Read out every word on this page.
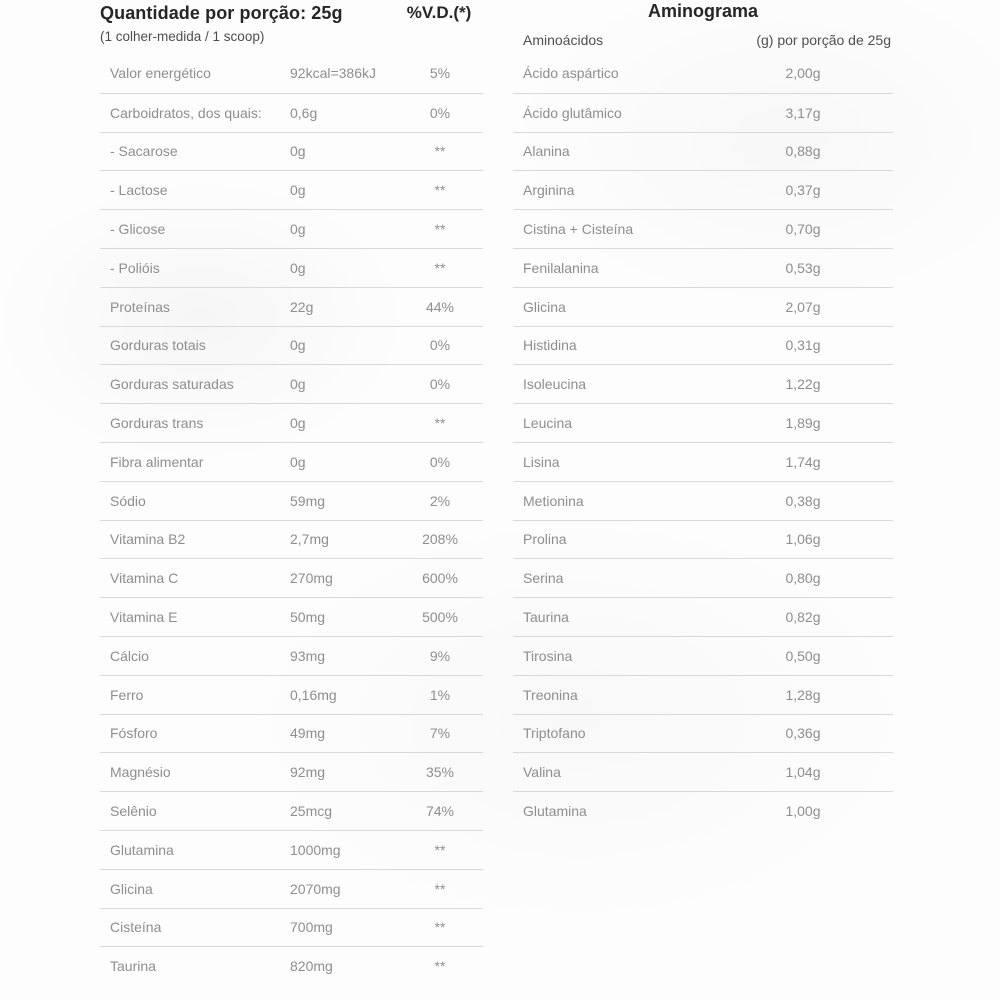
Quantidade por porção: 25g	%V.D.(*)
(1 colher-medida / 1 scoop)
Valor energético	92kcal=386kJ	5%
Carboidratos, dos quais:	0,6g	0%
- Sacarose	0g	**
- Lactose	0g	**
- Glicose	0g	**
- Polióis	0g	**
Proteínas	22g	44%
Gorduras totais	0g	0%
Gorduras saturadas	0g	0%
Gorduras trans	0g	**
Fibra alimentar	0g	0%
Sódio	59mg	2%
Vitamina B2	2,7mg	208%
Vitamina C	270mg	600%
Vitamina E	50mg	500%
Cálcio	93mg	9%
Ferro	0,16mg	1%
Fósforo	49mg	7%
Magnésio	92mg	35%
Selênio	25mcg	74%
Glutamina	1000mg	**
Glicina	2070mg	**
Cisteína	700mg	**
Taurina	820mg	**
Aminograma
Aminoácidos	(g) por porção de 25g
Ácido aspártico	2,00g
Ácido glutâmico	3,17g
Alanina	0,88g
Arginina	0,37g
Cistina + Cisteína	0,70g
Fenilalanina	0,53g
Glicina	2,07g
Histidina	0,31g
Isoleucina	1,22g
Leucina	1,89g
Lisina	1,74g
Metionina	0,38g
Prolina	1,06g
Serina	0,80g
Taurina	0,82g
Tirosina	0,50g
Treonina	1,28g
Triptofano	0,36g
Valina	1,04g
Glutamina	1,00g
